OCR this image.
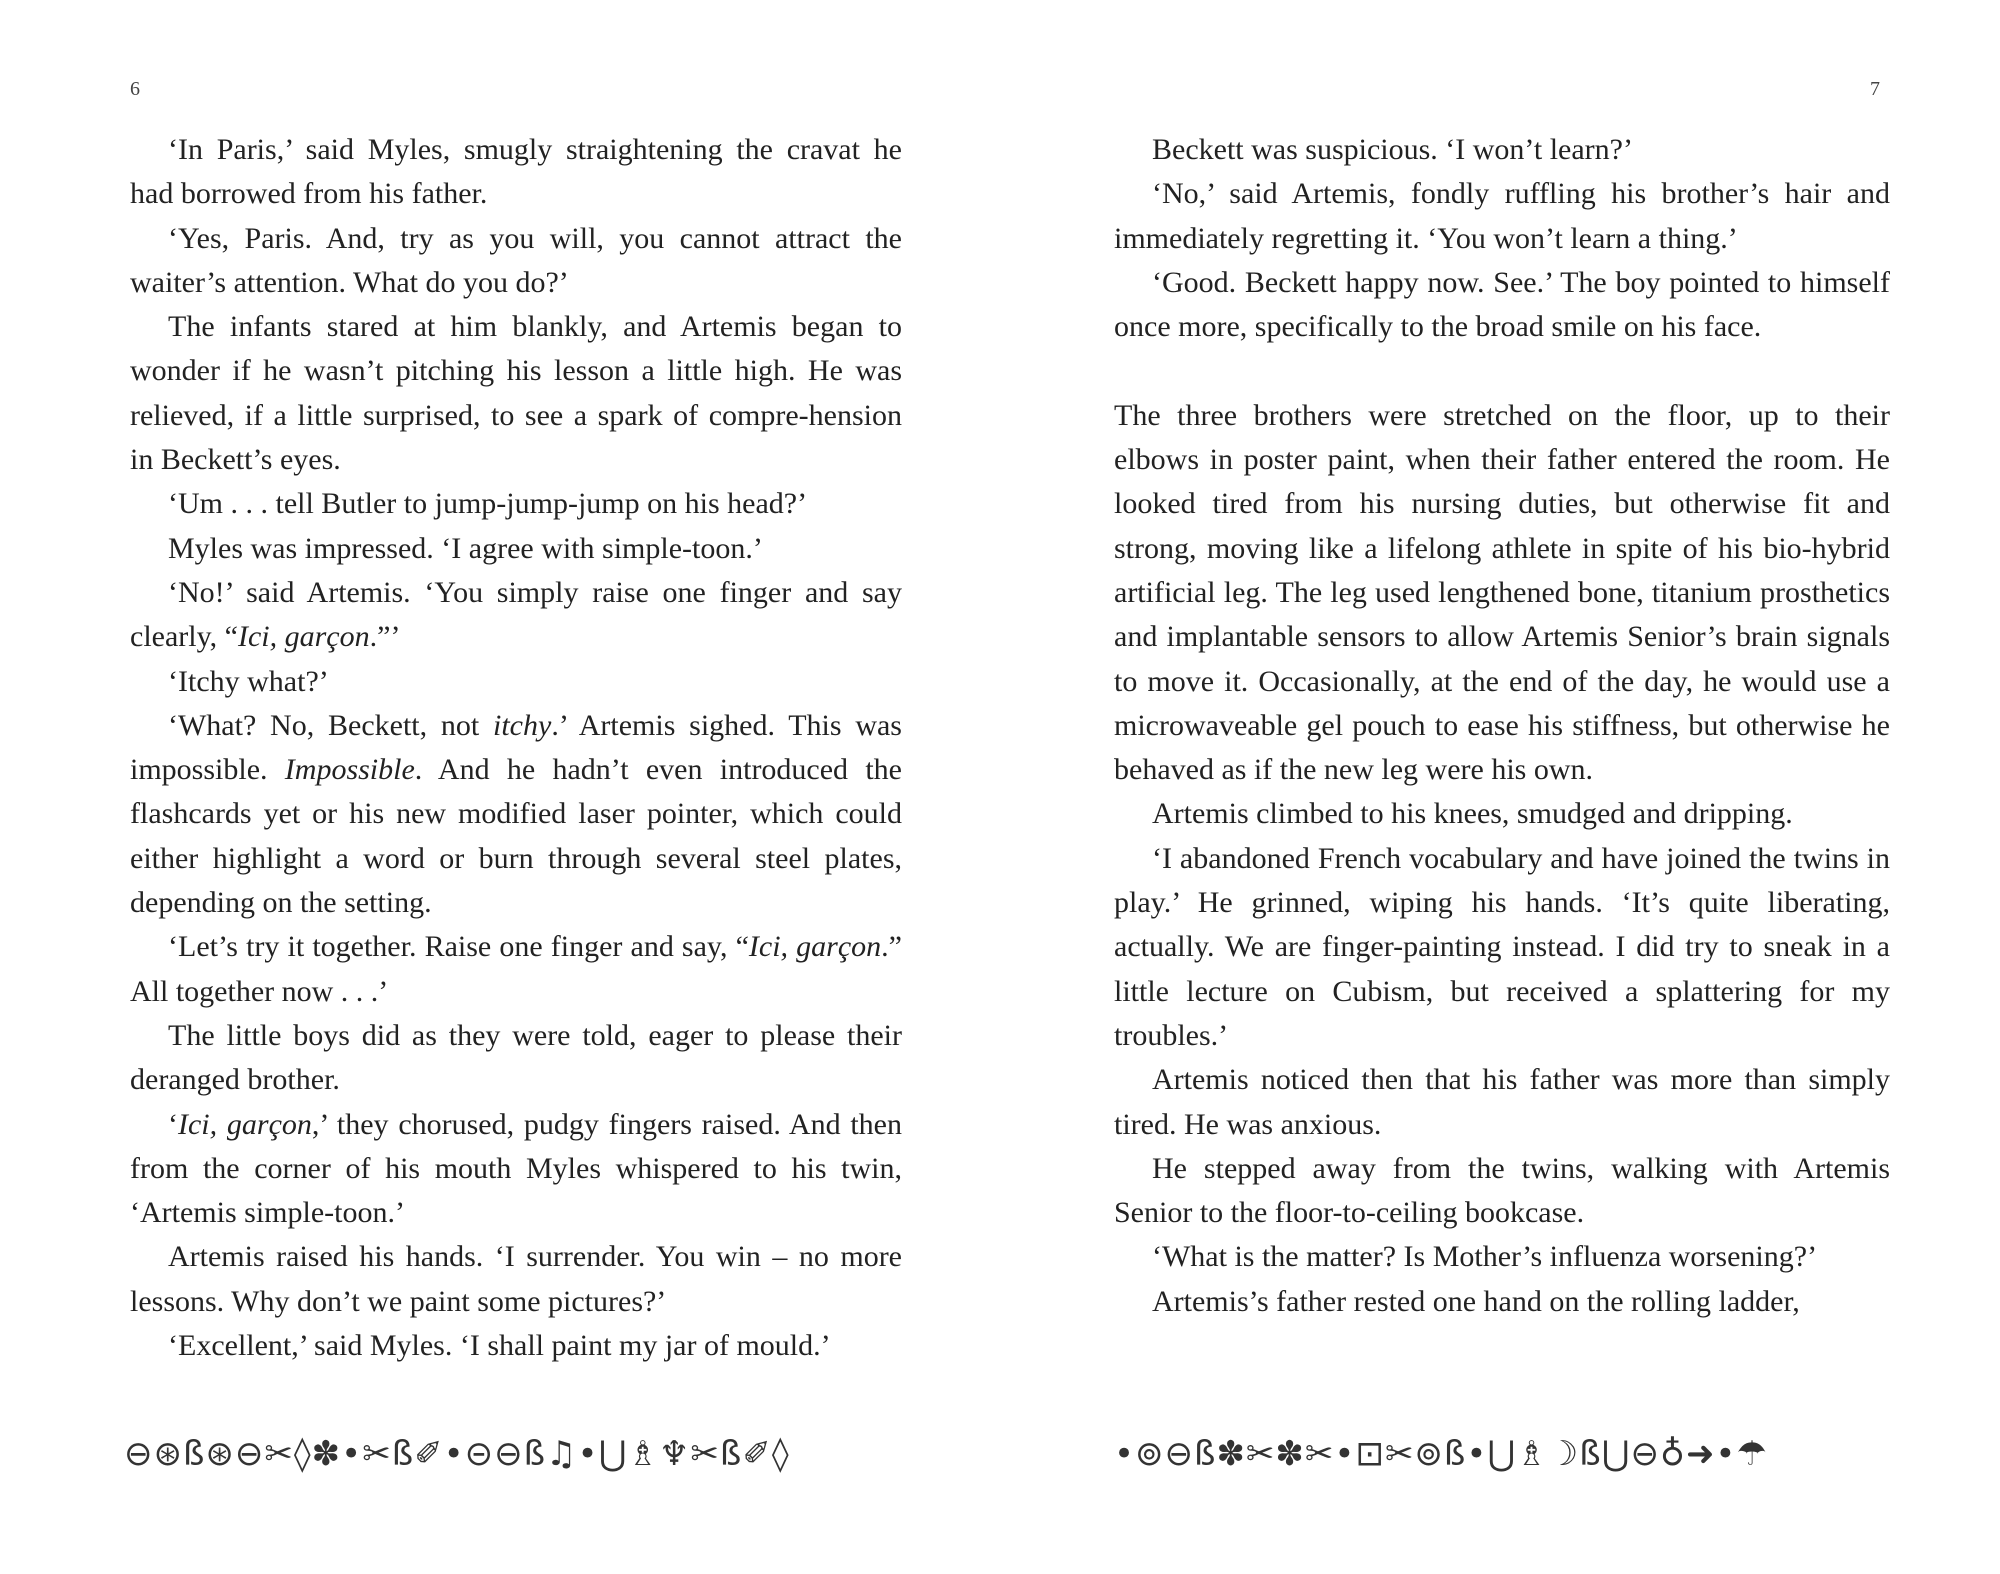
6

‘In Paris,’ said Myles, smugly straightening the cravat he had borrowed from his father.

‘Yes, Paris. And, try as you will, you cannot attract the waiter’s attention. What do you do?’

The infants stared at him blankly, and Artemis began to wonder if he wasn’t pitching his lesson a little high. He was relieved, if a little surprised, to see a spark of compre-hension in Beckett’s eyes.

‘Um . . . tell Butler to jump-jump-jump on his head?’

Myles was impressed. ‘I agree with simple-toon.’

‘No!’ said Artemis. ‘You simply raise one finger and say clearly, “Ici, garçon.”’

‘Itchy what?’

‘What? No, Beckett, not itchy.’ Artemis sighed. This was impossible. Impossible. And he hadn’t even introduced the flashcards yet or his new modified laser pointer, which could either highlight a word or burn through several steel plates, depending on the setting.

‘Let’s try it together. Raise one finger and say, “Ici, garçon.” All together now . . .’

The little boys did as they were told, eager to please their deranged brother.

‘Ici, garçon,’ they chorused, pudgy fingers raised. And then from the corner of his mouth Myles whispered to his twin, ‘Artemis simple-toon.’

Artemis raised his hands. ‘I surrender. You win – no more lessons. Why don’t we paint some pictures?’

‘Excellent,’ said Myles. ‘I shall paint my jar of mould.’

⊖⊛ß⊛⊖✂︎◊✽•✂︎ß✐•⊝⊖ß♫•⋃♗♆✂︎ß✐◊
7

Beckett was suspicious. ‘I won’t learn?’

‘No,’ said Artemis, fondly ruffling his brother’s hair and immediately regretting it. ‘You won’t learn a thing.’

‘Good. Beckett happy now. See.’ The boy pointed to himself once more, specifically to the broad smile on his face.

The three brothers were stretched on the floor, up to their elbows in poster paint, when their father entered the room. He looked tired from his nursing duties, but otherwise fit and strong, moving like a lifelong athlete in spite of his bio-hybrid artificial leg. The leg used lengthened bone, titanium prosthetics and implantable sensors to allow Artemis Senior’s brain signals to move it. Occasionally, at the end of the day, he would use a microwaveable gel pouch to ease his stiffness, but otherwise he behaved as if the new leg were his own.

Artemis climbed to his knees, smudged and dripping.

‘I abandoned French vocabulary and have joined the twins in play.’ He grinned, wiping his hands. ‘It’s quite liberating, actually. We are finger-painting instead. I did try to sneak in a little lecture on Cubism, but received a splattering for my troubles.’

Artemis noticed then that his father was more than simply tired. He was anxious.

He stepped away from the twins, walking with Artemis Senior to the floor-to-ceiling bookcase.

‘What is the matter? Is Mother’s influenza worsening?’

Artemis’s father rested one hand on the rolling ladder,

•⊚⊖ß✽✂︎✽✂︎•⊡✂︎⊚ß•⋃♗☽ß⋃⊖♁➜•☂︎
